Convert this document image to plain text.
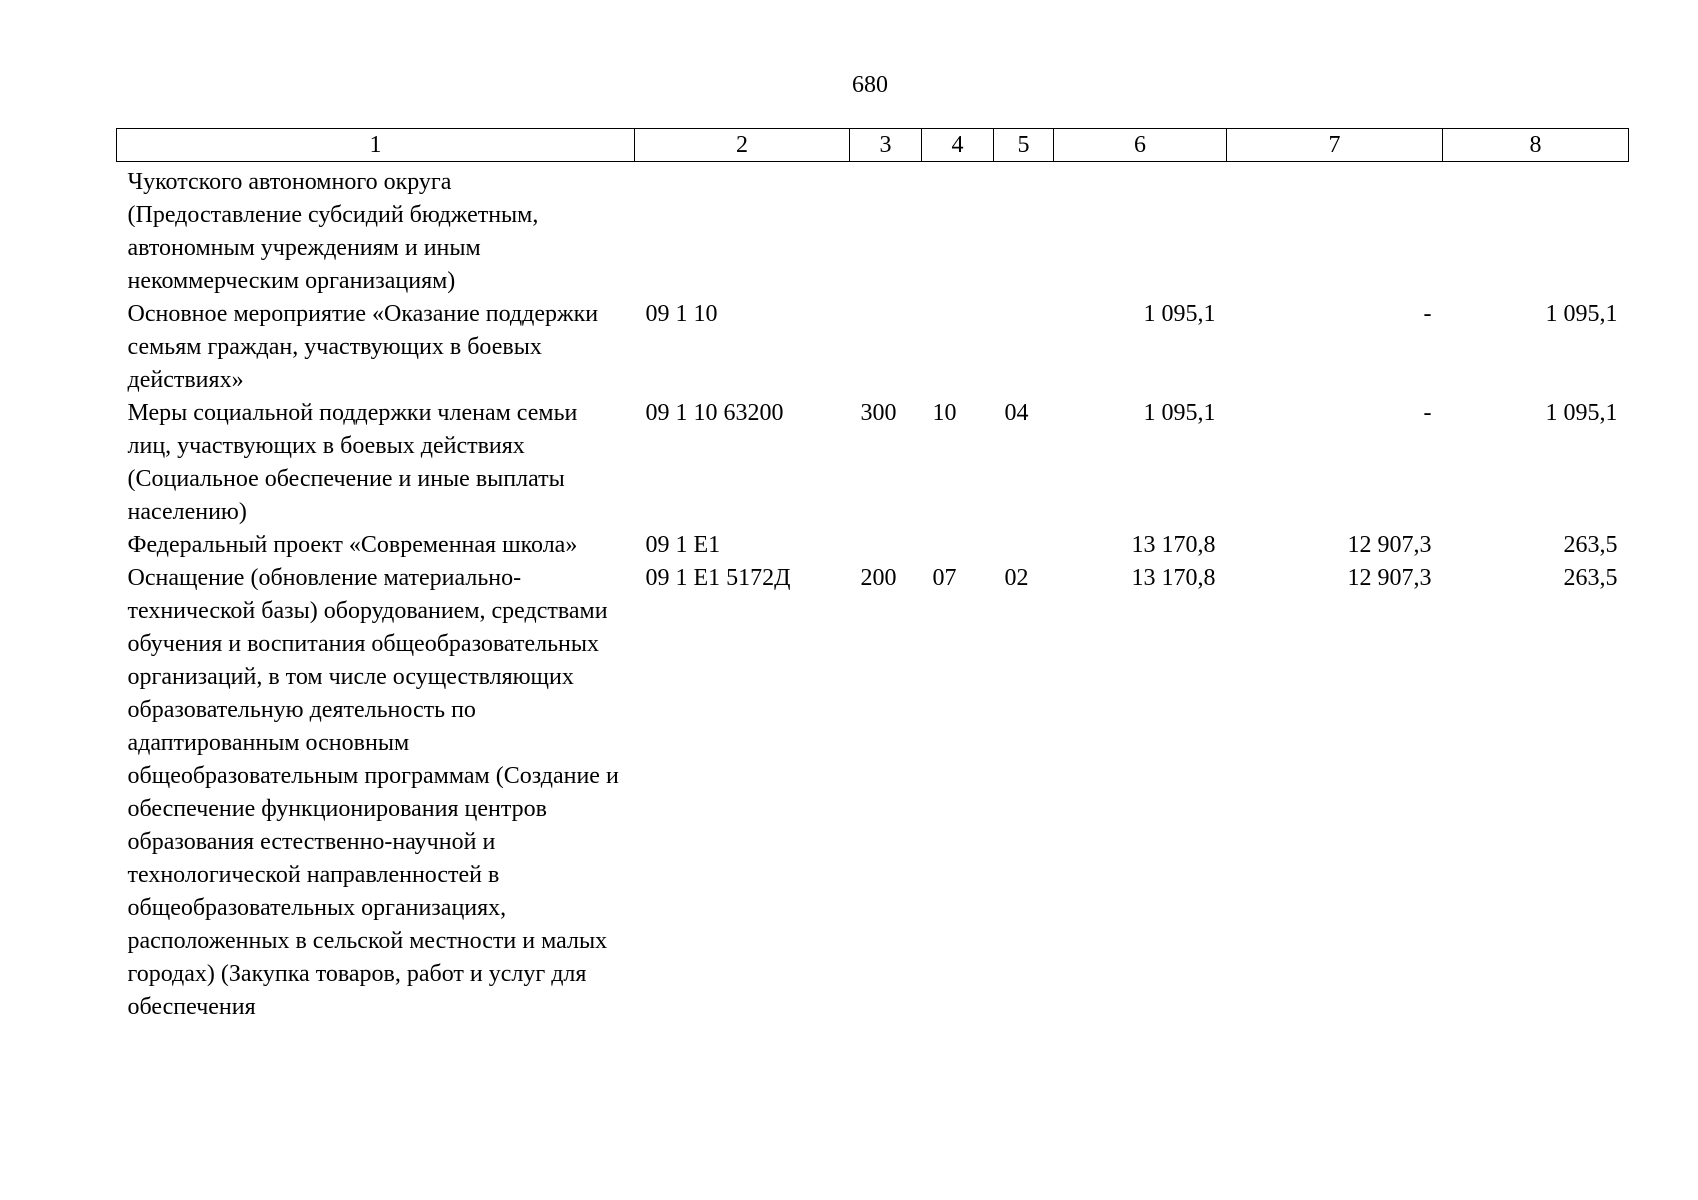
680
1	2	3	4	5	6	7	8
Чукотского автономного округа (Предоставление субсидий бюджетным, автономным учреждениям и иным некоммерческим организациям)							
Основное мероприятие «Оказание поддержки семьям граждан, участвующих в боевых действиях»	09 1 10				1 095,1	-	1 095,1
Меры социальной поддержки членам семьи лиц, участвующих в боевых действиях (Социальное обеспечение и иные выплаты населению)	09 1 10 63200	300	10	04	1 095,1	-	1 095,1
Федеральный проект «Современная школа»	09 1 Е1				13 170,8	12 907,3	263,5
Оснащение (обновление материально-технической базы) оборудованием, средствами обучения и воспитания общеобразовательных организаций, в том числе осуществляющих образовательную деятельность по адаптированным основным общеобразовательным программам (Создание и обеспечение функционирования центров образования естественно-научной и технологической направленностей в общеобразовательных организациях, расположенных в сельской местности и малых городах) (Закупка товаров, работ и услуг для обеспечения	09 1 Е1 5172Д	200	07	02	13 170,8	12 907,3	263,5
